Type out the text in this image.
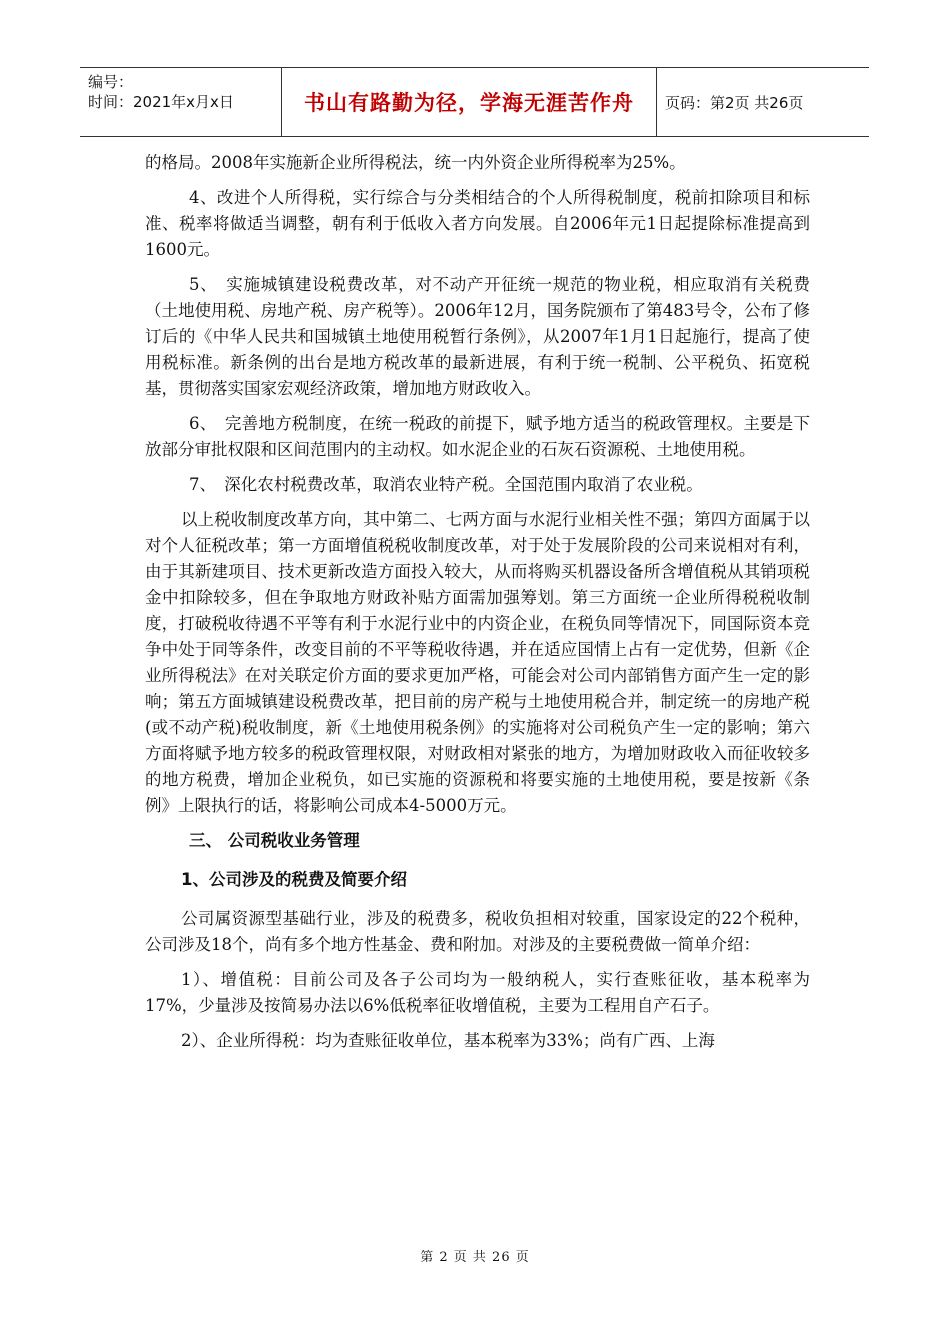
编号：
时间：2021年x月x日	书山有路勤为径，学海无涯苦作舟	页码：第2页 共26页

的格局。2008年实施新企业所得税法，统一内外资企业所得税率为25%。

4、改进个人所得税，实行综合与分类相结合的个人所得税制度，税前扣除项目和标准、税率将做适当调整，朝有利于低收入者方向发展。自2006年元1日起提除标准提高到1600元。

5、　实施城镇建设税费改革，对不动产开征统一规范的物业税，相应取消有关税费（土地使用税、房地产税、房产税等）。2006年12月，国务院颁布了第483号令，公布了修订后的《中华人民共和国城镇土地使用税暂行条例》，从2007年1月1日起施行，提高了使用税标准。新条例的出台是地方税改革的最新进展，有利于统一税制、公平税负、拓宽税基，贯彻落实国家宏观经济政策，增加地方财政收入。

6、　完善地方税制度，在统一税政的前提下，赋予地方适当的税政管理权。主要是下放部分审批权限和区间范围内的主动权。如水泥企业的石灰石资源税、土地使用税。

7、　深化农村税费改革，取消农业特产税。全国范围内取消了农业税。

以上税收制度改革方向，其中第二、七两方面与水泥行业相关性不强；第四方面属于以对个人征税改革；第一方面增值税税收制度改革，对于处于发展阶段的公司来说相对有利，由于其新建项目、技术更新改造方面投入较大，从而将购买机器设备所含增值税从其销项税金中扣除较多，但在争取地方财政补贴方面需加强筹划。第三方面统一企业所得税税收制度，打破税收待遇不平等有利于水泥行业中的内资企业，在税负同等情况下，同国际资本竞争中处于同等条件，改变目前的不平等税收待遇，并在适应国情上占有一定优势，但新《企业所得税法》在对关联定价方面的要求更加严格，可能会对公司内部销售方面产生一定的影响；第五方面城镇建设税费改革，把目前的房产税与土地使用税合并，制定统一的房地产税(或不动产税)税收制度，新《土地使用税条例》的实施将对公司税负产生一定的影响；第六方面将赋予地方较多的税政管理权限，对财政相对紧张的地方，为增加财政收入而征收较多的地方税费，增加企业税负，如已实施的资源税和将要实施的土地使用税，要是按新《条例》上限执行的话，将影响公司成本4-5000万元。

三、 公司税收业务管理
1、公司涉及的税费及简要介绍

公司属资源型基础行业，涉及的税费多，税收负担相对较重，国家设定的22个税种，公司涉及18个，尚有多个地方性基金、费和附加。对涉及的主要税费做一简单介绍：

1）、增值税：目前公司及各子公司均为一般纳税人，实行查账征收，基本税率为17%，少量涉及按简易办法以6%低税率征收增值税，主要为工程用自产石子。

2）、企业所得税：均为查账征收单位，基本税率为33%；尚有广西、上海

第 2 页 共 26 页
